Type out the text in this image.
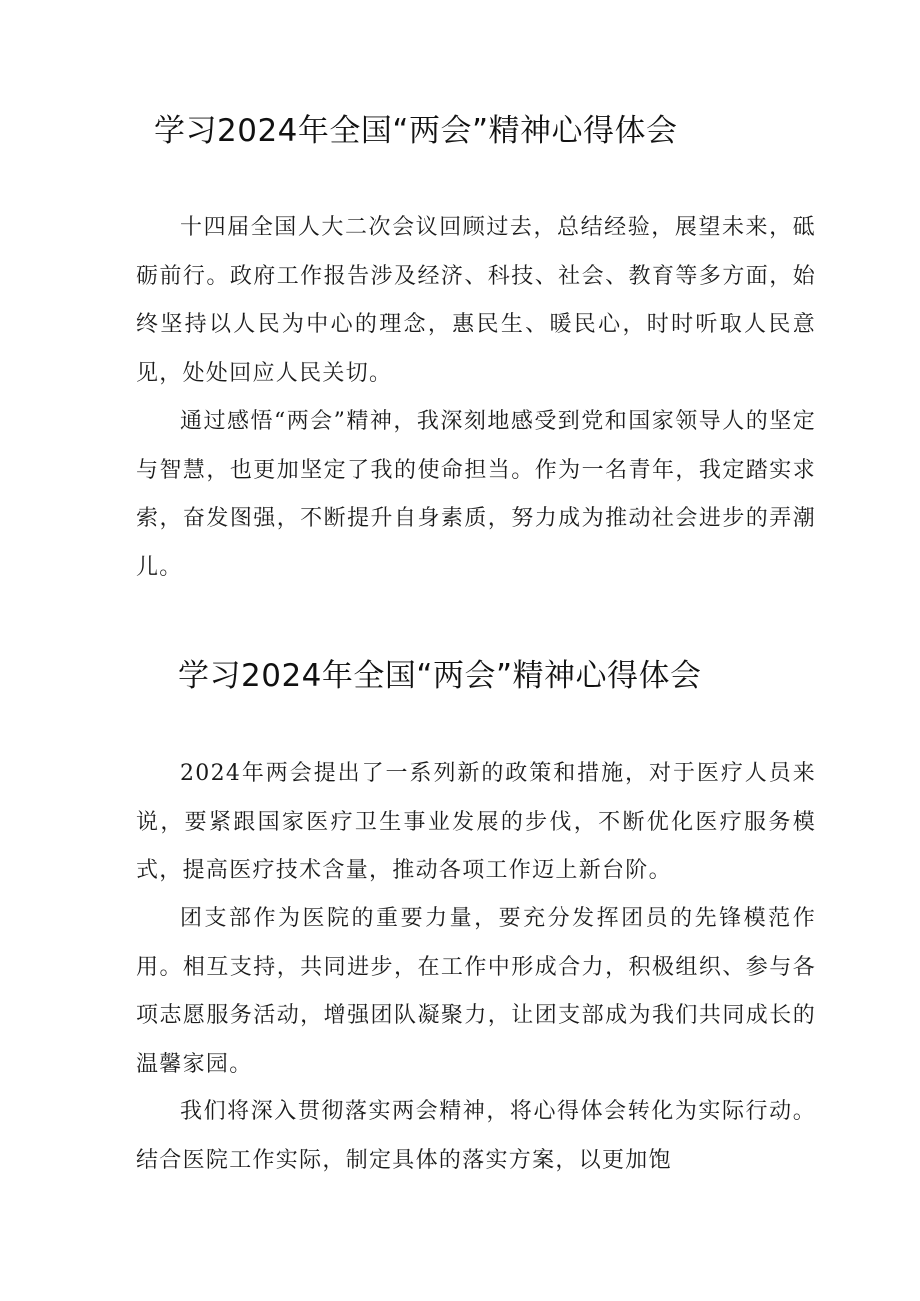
学习2024年全国“两会”精神心得体会

十四届全国人大二次会议回顾过去，总结经验，展望未来，砥砺前行。政府工作报告涉及经济、科技、社会、教育等多方面，始终坚持以人民为中心的理念，惠民生、暖民心，时时听取人民意见，处处回应人民关切。

通过感悟“两会”精神，我深刻地感受到党和国家领导人的坚定与智慧，也更加坚定了我的使命担当。作为一名青年，我定踏实求索，奋发图强，不断提升自身素质，努力成为推动社会进步的弄潮儿。

学习2024年全国“两会”精神心得体会

2024年两会提出了一系列新的政策和措施，对于医疗人员来说，要紧跟国家医疗卫生事业发展的步伐，不断优化医疗服务模式，提高医疗技术含量，推动各项工作迈上新台阶。

团支部作为医院的重要力量，要充分发挥团员的先锋模范作用。相互支持，共同进步，在工作中形成合力，积极组织、参与各项志愿服务活动，增强团队凝聚力，让团支部成为我们共同成长的温馨家园。

我们将深入贯彻落实两会精神，将心得体会转化为实际行动。结合医院工作实际，制定具体的落实方案，以更加饱
